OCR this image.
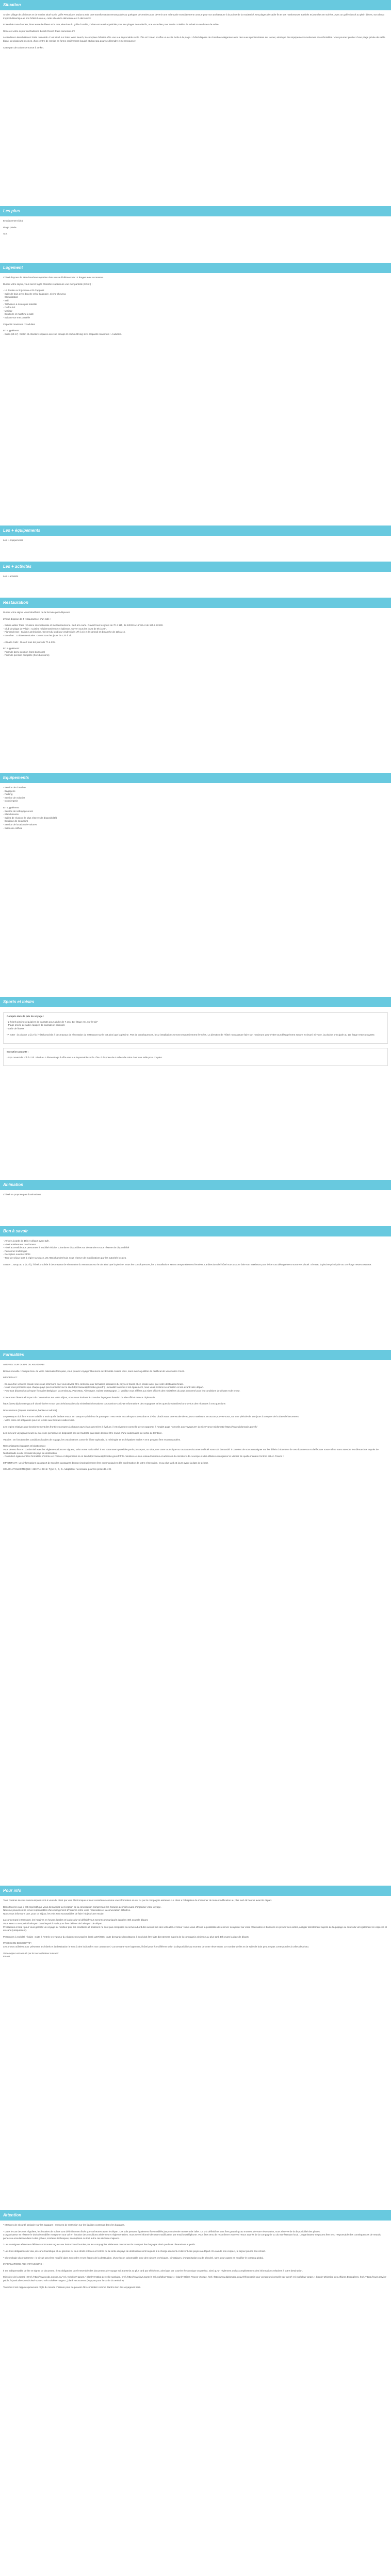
Situation
Ancien village de pêcheurs et de marins situé sur le golfe Pescaique, Dubaï a subi une transformation remarquable au quelques décennies pour devenir une métropole mondialement connue pour son architecture à la pointe de la modernité, ses plages de sable fin et ses nombreuses activités et journées en soirées. Avec un golfe classé au plein désert, son climat tropical désertique et son hôtels luxueux, cette ville de la démesure est à découvrir !
Ensemble toute l'année, étant entre le désert et la mer, étendue du golfe d'Arabie, Dubaï est aussi appréciée pour ses plages de sable fin, une vaste lieu pour du vie croisière de le balcon ou dunes de sable.
Rosé est votre séjour au Radisson Beach Resort Palm Jumeirah 4* !
Le Radisson Beach Resort Palm Jumeirah 4* est situé sur Palm West Beach, le complexe hôtelier offre une vue imprenable sur la côte et l'océan et offre un accès facile à la plage. L'hôtel dispose de chambres élégantes avec des vues spectaculaires sur la mer, ainsi que des équipements modernes et confortables. Vous pourrez profiter d'une plage privée de sable blanc, de plusieurs piscines, d'un centre de remise en forme entièrement équipé et d'un spa pour se détendre et se ressourcer.
Cette part de Dubaï se trouve à 30 km.
Les plus
Emplacement idéal
Plage privée
Spa
Logement
L'hôtel dispose de 389 chambres réparties dans un seul bâtiment de 12 étages avec ascenseur.
Durant votre séjour, vous serez logés Chambre supérieure vue mer partielle (32 m²) :
- Lit double ou lit jumeau et lit d'appoint
- Salle de bain avec douche et/ou baignoire, sèche-cheveux
- Climatisation
- Wifi
- Télévision à écran plat satellite
- Coffre-fort
- Minibar
- Bouilloire et machine à café
- Balcon vue mer partielle
Capacité maximum : 3 adultes
En supplément :
- Suite (60 m²) : Salon et chambre séparée avec un canapé-lit et d'un lit king size. Capacité maximum : 4 adultes.
Les + équipements
Les + équipements
Les + activités
Les + activités
Restauration
Durant votre séjour vous bénéficiez de la formule petit-déjeuner.
L'hôtel dispose de 4 restaurants et d'un café :
- Sabaa Water Palm : Cuisine internationale et méditerranéenne. Sert à la carte. Ouvert tous les jours de 7h à 11h, de 12h30 à 15h30 et de 19h à 22h30.
- Club de plage de Villain : Cuisine méditerranéenne et italienne. Ouvert tous les jours de 8h à 20h.
- Flamand rose : Cuisine américaine. Ouvert du lundi au vendredi de 17h à 1h et le samedi et dimanche de 13h à 1h.
- Ecco bar : Cuisine mexicaine. Ouvert tous les jours de 12h à 1h.
- Almaza Cafe : Ouvert tous les jours de 7h à 23h.
En supplément :
- Formule demi-pension (hors boissons)
- Formule pension complète (hors boissons)
Equipements
- Service de chambre
- Bagagerie
- Parking
- Service de voiturier
- Conciergerie
En supplément :
- Service de nettoyage à sec
- Blanchisserie
- Salles de réunion (le plus réserve de disponibilité)
- Boutique de souvenirs
- Service de location de voitures
- Salon de coiffure
Sports et loisirs
Compris dans le prix du voyage :
- 2 hôtels piscines équipées de transats pour adulte de 7 ans, 1er étage et 1 sur le toit*
- Plage privée de sable équipée de transats et parasols
- Salle de fitness
*A noter : la piscine 1 (à 2 h), l'hôtel procède à des travaux de rénovation du restaurant sur le toit ainsi que la piscine. Pas de conséquences, les 2 installations seront temporairement fermées. La direction de l'hôtel nous assure faire son maximum pour éviter tout désagrément sonore et visuel. Si votre, la piscine principale au 1er étage restera ouverte.
En option payante :
- Spa ouvert de 10h à 22h. Situé au 1 dème étage il offre une vue imprenable sur la côte. Il dispose de 6 salles de soins dont une salle pour couples.
Animation
L'hôtel ne propose pas d'animations.
Bon à savoir
- Arrivée à partir de 15h et départ avant 12h.
- Hôtel entièrement non fumeur
- Hôtel accessible aux personnes à mobilité réduite. Chambres disponibles sur demande et sous réserve de disponibilité
- Personnel multilingue
- Réception ouverte 24/24
- Taxe de séjour sont à régler sur place, 20 AED/chambre/nuit, sous réserve de modifications par les autorités locales.
A noter : Jusqu'au 1 (à 2 h), l'hôtel procède à des travaux de rénovation du restaurant sur le toit ainsi que la piscine. Sous les conséquences, les 2 installations seront temporairement fermées. La direction de l'hôtel nous assure faire son maximum pour éviter tout désagrément sonore et visuel. Si votre, la piscine principale au 1er étage restera ouverte.
Formalités
AMEVIEZ SUR DUBAI DU ABU DHABI
Bonne nouvelle : Compte tenu de votre nationalité française, vous pouvez voyager librement aux Emirats Arabes Unis, sans avoir à justifier de certificat de vaccination Covid.
IMPORTANT :
- En cas d'un vol avec escale nous vous informons que vous devrez être conforme aux formalités sanitaires du pays en transit et en escale ainsi que votre destination finale.
- Nous vous précisons que chaque pays peut consulter sur le site https://www.diplomatie.gouv.fr ( ) actualité toutefois il est également, nous vous invitons à consulter ce lien avant votre départ.
- Pour tout départ d'un aéroport frontalier (Belgique, Luxembourg, Pays-Bas, Allemagne, Suisse ou Espagne...), veuillez vous référer aux sites officiels des ministères du pays concerné pour les conditions de départ et de retour.
Concernant l'éventuel impact du Coronavirus sur votre séjour, nous vous invitons à consulter la page et évasion du site officiel France Diplomatie :
https://www.diplomatie.gouv.fr du ministère et non vaccinés/actualités du ministère/informations coronavirus-covid-19 Informations des voyageurs et les questions/articles/coronavirus des réponses à vos questions
Nous restons (risques sanitaires, habiles et adroits) :
Le passeport doit être encore valable 6 mois après la date retour. Un tampon spécial sur le passeport n'est remis aux aéroports de Dubaï et d'Abu Dhabi avant une escale de 90 jours maximum, en aucun pouvez-vous, sur une période de 180 jours à compter de la date de lancement.
- Votre carte est obligatoire pour se rendre aux Emirats Arabes Unis.
Les règles relatives aux fonctionnement des frontières propres à chaque pays étant amenées à évoluer, il est vivement conseillé de se rapporter à l'onglet page "conseils aux voyageurs" du site France Diplomatie https://www.diplomatie.gouv.fr/
Les mineurs voyageant seuls ou avec une personne ne disposant pas de l'autorité parentale devront être munis d'une autorisation de sortie de territoire.
Vaccins : en fonction des conditions locales de voyage, les vaccinations contre la fièvre typhoïde, la méningite et les hépatites virales A et B peuvent être recommandées.
Ressortissants étrangers et binationaux :
Vous devrez être en conformité avec les réglementations en vigueur, selon votre nationalité. Il est notamment possible que le passeport, un visa, une carte touristique ou tout autre document officiel vous soit demandé. Il convient de vous renseigner sur les délais d'obtention de ces documents et d'effectuer vous-même sans attendre les démarches auprès de l'ambassade ou du consulat du pays de destination.
- Consultez également les formalités d'entrée en France et disponibles ici en lien https://www.diplomatie.gouv.fr/fr/le-ministere-et-son-reseau/missions-et-adresses-du-ministere-de-l-europe-et-des-affaires-etrangeres/ et vérifiez de quelle manière l'entrée est en France !
IMPORTANT : Les informations passeport de tous les passagers devront impérativement être communiquées dès confirmation de votre réservation, et au plus tard 45 jours avant la date de départ.
COURANT ÉLECTRIQUE : 220 V et 50Hz. Type C, D, G. Adaptateur nécessaire pour les prises D et G.
Pour info
Tous horaires de vols communiqués sont à vous du client par voie électronique et sont considérés comme une information en vol ou par la compagnie aérienne. Le client a l'obligation de s'informer de toute modification au plus tard 48 heures avant le départ.
Dans tous les cas, il est impératif que vous demandiez la réception de la convocation comprenant les horaires définitifs avant d'organiser votre voyage.
Nous ne pouvons être tenus responsables d'un changement d'horaires entre votre réservation et la convocation définitive.
Nous vous informons que, pour ce séjour, les vols sont susceptibles de faire l'objet d'une escale.
La concernant le transport, les horaires en heures locales et la plus du vol définitif vous seront communiqués dans les 48h avant le départ.
Vous serez convoqué à l'aéroport dans lequel à Paris pour être délivrer de l'aéroport de départ.
Prestations à bord : pour vous garantir un voyage au meilleur prix, les conditions et boissons ne sont pas comprises ou servis à bord des avions lors des vols aller et retour : nous vous offrons la possibilité de réserver ou ajouter sur votre réservation et boissons en prévoir ces cartes, à régler directement auprès de l'équipage au cours du vol également en espèces et en carte (uniquement).
Personnes à mobilité réduite : suite à l'entrée en vigueur du règlement européen (CE) 1107/2006, toute demande d'assistance à bord doit être faite directement auprès de la compagnie aérienne au plus tard 48h avant la date de départ.
PRECISION DESCRIPTIF :
Les photos utilisées pour présenter les hôtels et la destination le sont à titre indicatif et non contractuel. Concernant votre logement, l'hôtel peut être différent selon la disponibilité au moment de votre réservation. Le nombre de lits et de salle de bain peut ne pas correspondre à celles de photo.
Votre séjour est assuré par le tour opérateur suivant :
FRAM
Attention
* Mesures de sécurité sanitaire sur les bagages : mesures de restriction sur les liquides contenus dans les bagages.
* Dans le cas des vols réguliers, les horaires de vol ne sont définitivement fixés que 48 heures avant le départ. Les vols peuvent également être modifiés jusqu'au dernier moment de l'aller. Le prix définitif ne peut être garanti qu'au moment de votre réservation, sous réserve de la disponibilité des places.
L'organisateur se réserve le droit de modifier et reporter tout vol en fonction des conditions aériennes et réglementaires. Vous serez informé de toute modification par email ou téléphone. Vous êtes tenu de reconfirmer votre vol retour auprès de la compagnie ou du représentant local. L'organisateur ne pourra être tenu responsable des conséquences de retards, pertes ou annulations dues à des grèves, incidents techniques, intempéries ou tout autre cas de force majeure.
* Les consignes aériennes définies sont toutes reçues aux instructions fournies par les compagnies aériennes concernant le transport des bagages ainsi que leurs dimensions et poids.
* Les trois obligations de visa, de carte touristique et ou générer ou tous droits et taxes à l'entrée ou la sortie du pays de destination sont toujours à la charge du client et doivent être payés au départ. En cas de non-respect, le séjour pourra être refusé.
* Chronologie du programme : le circuit peut être modifié dans son ordre et ses étapes de la destination, d'une façon raisonnable pour des raisons techniques, climatiques, d'organisation ou de sécurité, sans pour autant en modifier le contenu global.
INFORMATIONS AUX VOYAGEURS :
Il est indispensable de lire et signer ce document. Il est obligatoire que l'ensemble des documents de voyage soit transmis au plus tard par téléphone, ainsi que par courrier électronique ou par fax, ainsi qu'un règlement ou l'accomplissement des informations relatives à votre destination.
Ministère de la Santé : Href='http://www.ecdc.europa.eu/' rel='nofollow' target='_blank'>Institut de veille sanitaire, href='http://www.invs.sante.fr' rel='nofollow' target='_blank'>Hôtes France Voyage, href='http://www.diplomatie.gouv.fr/fr/conseils-aux-voyageurs/conseils-par-pays/' rel='nofollow' target='_blank'>Ministère des Affaires Étrangères, href='https://www.service-public.fr/particuliers/vosdroits/F1352-0' rel='nofollow' target='_blank'>Document (Rapport pour la sortie du territoire)
Toutefois il est rappelé qu'aucune règle du monde n'assure pour ne pouvoir être considéré comme étant le tien des voyageurs tiers.
